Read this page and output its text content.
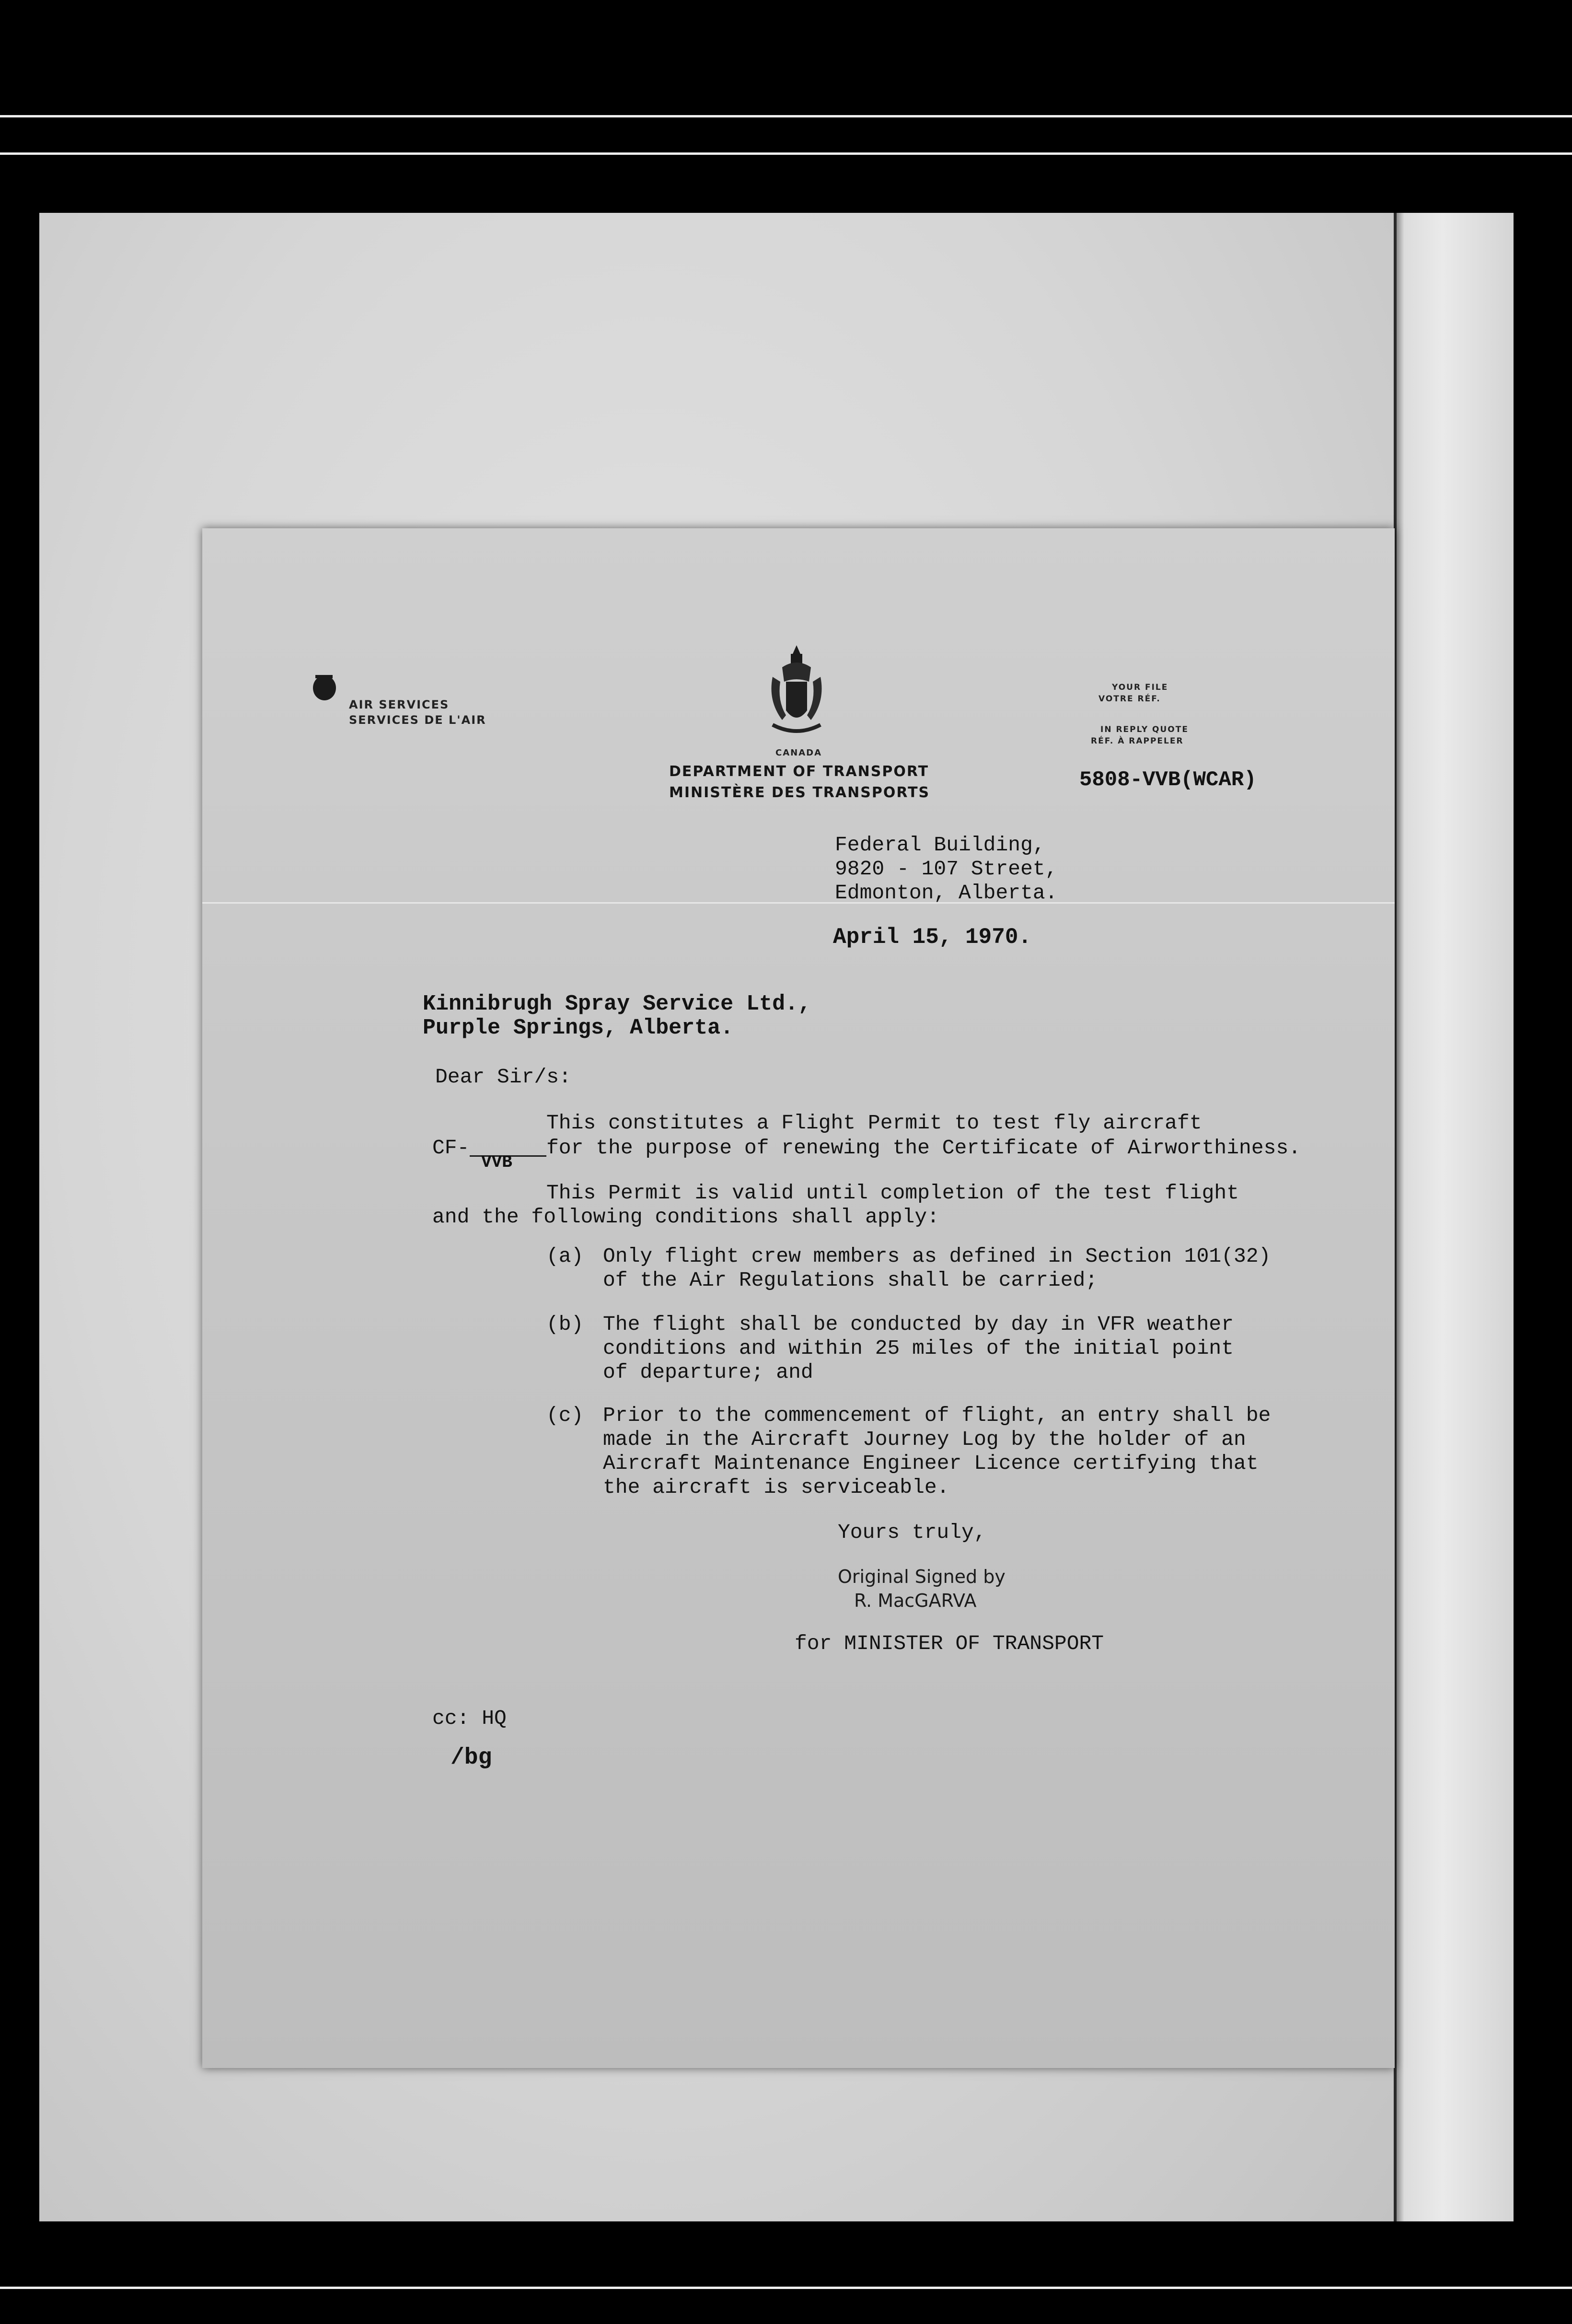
AIR SERVICES
SERVICES DE L'AIR
CANADA
DEPARTMENT OF TRANSPORT
MINISTÈRE DES TRANSPORTS
YOUR FILE
VOTRE RÉF.
IN REPLY QUOTE
RÉF. À RAPPELER
5808-VVB(WCAR)
Federal Building,
9820 - 107 Street,
Edmonton, Alberta.
April 15, 1970.
Kinnibrugh Spray Service Ltd.,
Purple Springs, Alberta.
Dear Sir/s:
This constitutes a Flight Permit to test fly aircraft
CF-
VVB
for the purpose of renewing the Certificate of Airworthiness.
This Permit is valid until completion of the test flight
and the following conditions shall apply:
(a) Only flight crew members as defined in Section 101(32)
of the Air Regulations shall be carried;
(b) The flight shall be conducted by day in VFR weather
conditions and within 25 miles of the initial point
of departure; and
(c) Prior to the commencement of flight, an entry shall be
made in the Aircraft Journey Log by the holder of an
Aircraft Maintenance Engineer Licence certifying that
the aircraft is serviceable.
Yours truly,
Original Signed by
R. MacGARVA
for MINISTER OF TRANSPORT
cc: HQ
/bg
